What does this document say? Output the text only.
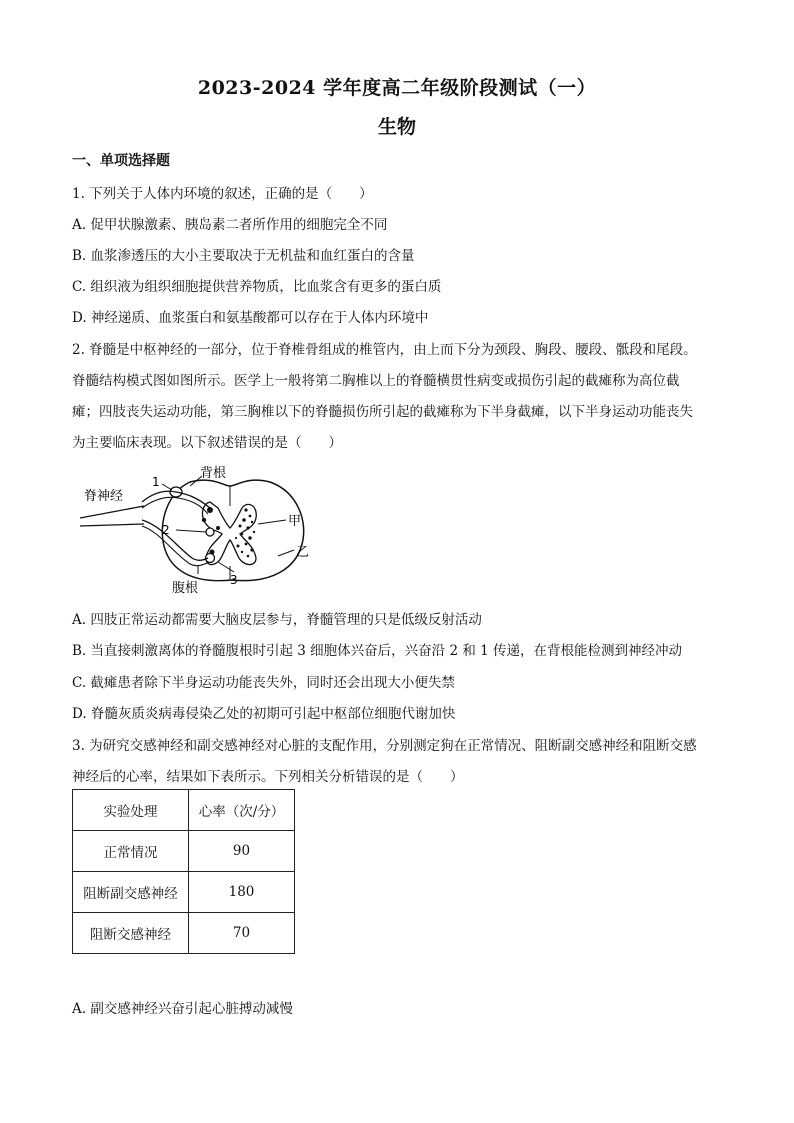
2023-2024 学年度高二年级阶段测试（一）
生物
一、单项选择题
1. 下列关于人体内环境的叙述，正确的是（　　）
A. 促甲状腺激素、胰岛素二者所作用的细胞完全不同
B. 血浆渗透压的大小主要取决于无机盐和血红蛋白的含量
C. 组织液为组织细胞提供营养物质，比血浆含有更多的蛋白质
D. 神经递质、血浆蛋白和氨基酸都可以存在于人体内环境中
2. 脊髓是中枢神经的一部分，位于脊椎骨组成的椎管内，由上而下分为颈段、胸段、腰段、骶段和尾段。
脊髓结构模式图如图所示。医学上一般将第二胸椎以上的脊髓横贯性病变或损伤引起的截瘫称为高位截
瘫；四肢丧失运动功能，第三胸椎以下的脊髓损伤所引起的截瘫称为下半身截瘫，以下半身运动功能丧失
为主要临床表现。以下叙述错误的是（　　）
脊神经
背根
1
2
3
甲
乙
腹根
A. 四肢正常运动都需要大脑皮层参与，脊髓管理的只是低级反射活动
B. 当直接刺激离体的脊髓腹根时引起 3 细胞体兴奋后，兴奋沿 2 和 1 传递，在背根能检测到神经冲动
C. 截瘫患者除下半身运动功能丧失外，同时还会出现大小便失禁
D. 脊髓灰质炎病毒侵染乙处的初期可引起中枢部位细胞代谢加快
3. 为研究交感神经和副交感神经对心脏的支配作用，分别测定狗在正常情况、阻断副交感神经和阻断交感
神经后的心率，结果如下表所示。下列相关分析错误的是（　　）
实验处理	心率（次/分）
正常情况	90
阻断副交感神经	180
阻断交感神经	70
A. 副交感神经兴奋引起心脏搏动减慢
